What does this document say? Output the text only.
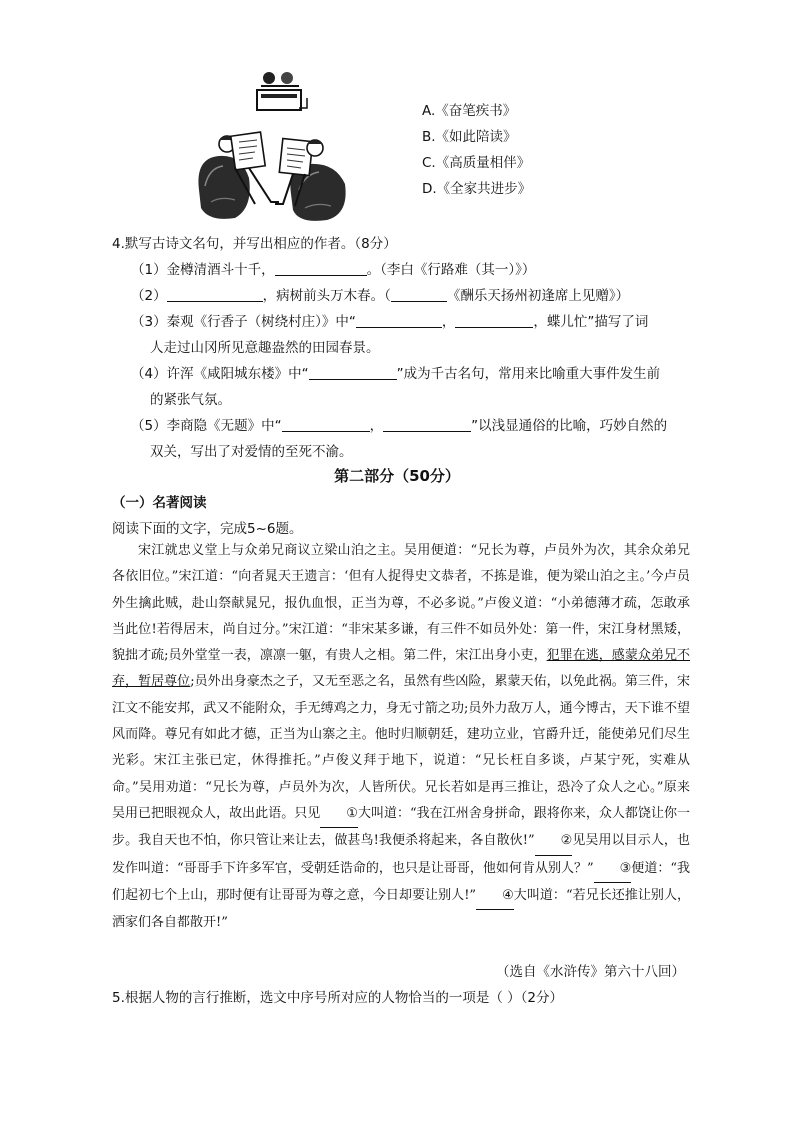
A.《奋笔疾书》
B.《如此陪读》
C.《高质量相伴》
D.《全家共进步》
4.默写古诗文名句，并写出相应的作者。（8分）
（1）金樽清酒斗十千，	。（李白《行路难（其一）》）
（2）	，病树前头万木春。（	《酬乐天扬州初逢席上见赠》）
（3）秦观《行香子（树绕村庄）》中“	，	，蝶儿忙”描写了词
人走过山冈所见意趣盎然的田园春景。
（4）许浑《咸阳城东楼》中“	”成为千古名句，常用来比喻重大事件发生前
的紧张气氛。
（5）李商隐《无题》中“	，	”以浅显通俗的比喻，巧妙自然的
双关，写出了对爱情的至死不渝。
第二部分（50分）
（一）名著阅读
阅读下面的文字，完成5~6题。

宋江就忠义堂上与众弟兄商议立梁山泊之主。吴用便道：“兄长为尊，卢员外为次，其余众弟兄各依旧位。”宋江道：“向者晁天王遗言：‘但有人捉得史文恭者，不拣是谁，便为梁山泊之主。’今卢员外生擒此贼，赴山祭献晁兄，报仇血恨，正当为尊，不必多说。”卢俊义道：“小弟德薄才疏，怎敢承当此位!若得居末，尚自过分。”宋江道：“非宋某多谦，有三件不如员外处：第一件，宋江身材黑矮，貌拙才疏;员外堂堂一表，凛凛一躯，有贵人之相。第二件，宋江出身小吏，犯罪在逃，感蒙众弟兄不弃，暂居尊位;员外出身豪杰之子，又无至恶之名，虽然有些凶险，累蒙天佑，以免此祸。第三件，宋江文不能安邦，武又不能附众，手无缚鸡之力，身无寸箭之功;员外力敌万人，通今博古，天下谁不望风而降。尊兄有如此才德，正当为山寨之主。他时归顺朝廷，建功立业，官爵升迁，能使弟兄们尽生光彩。宋江主张已定，休得推托。”卢俊义拜于地下，说道：“兄长枉自多谈，卢某宁死，实难从命。”吴用劝道：“兄长为尊，卢员外为次，人皆所伏。兄长若如是再三推让，恐冷了众人之心。”原来吴用已把眼视众人，故出此语。只见 ①大叫道：“我在江州舍身拼命，跟将你来，众人都饶让你一步。我自天也不怕，你只管让来让去，做甚鸟!我便杀将起来，各自散伙!” ②见吴用以目示人，也发作叫道：“哥哥手下许多军官，受朝廷诰命的，也只是让哥哥，他如何肯从别人？” ③便道：“我们起初七个上山，那时便有让哥哥为尊之意，今日却要让别人!” ④大叫道：“若兄长还推让别人，洒家们各自都散开!”

（选自《水浒传》第六十八回）
5.根据人物的言行推断，选文中序号所对应的人物恰当的一项是（ ）（2分）
